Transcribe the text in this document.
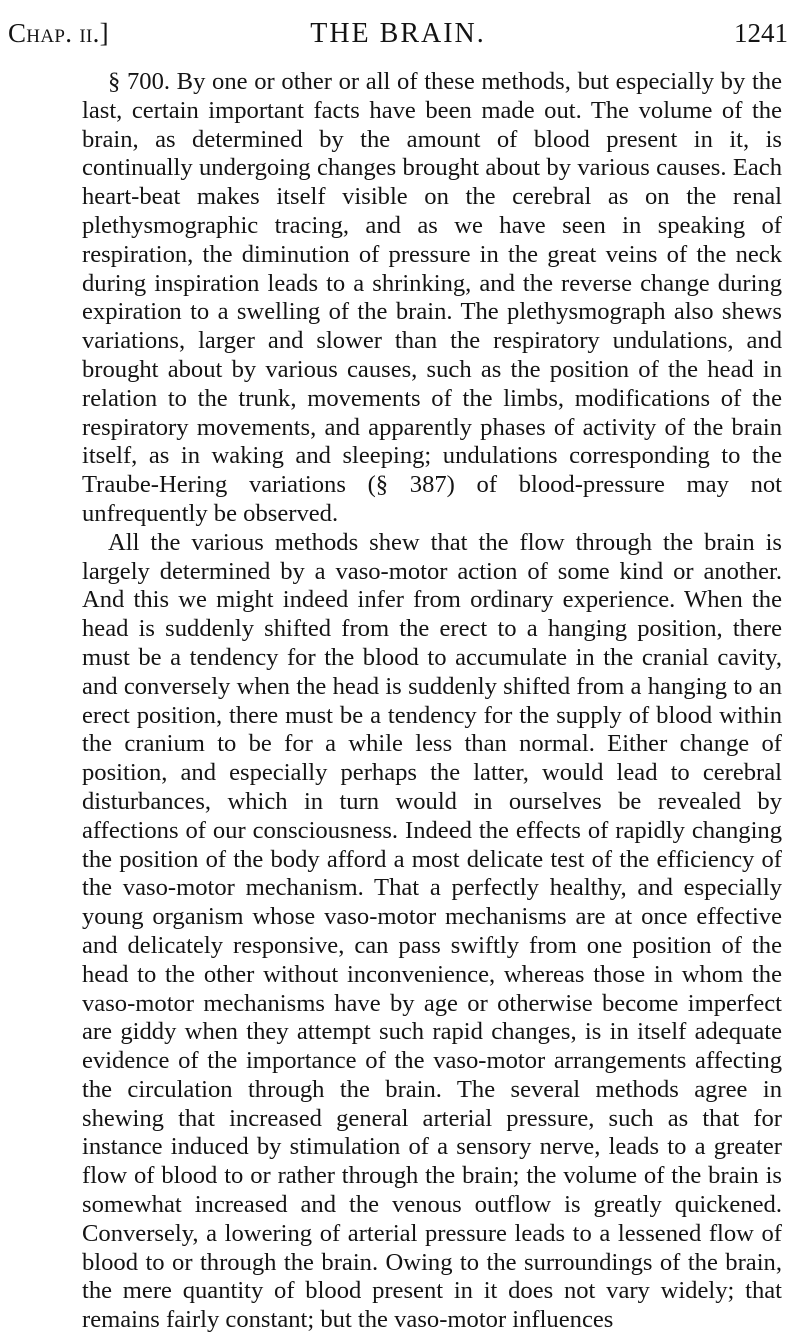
Chap. ii.]	THE BRAIN.	1241

§ 700. By one or other or all of these methods, but especially by the last, certain important facts have been made out. The volume of the brain, as determined by the amount of blood present in it, is continually undergoing changes brought about by various causes. Each heart-beat makes itself visible on the cerebral as on the renal plethysmographic tracing, and as we have seen in speaking of respiration, the diminution of pressure in the great veins of the neck during inspiration leads to a shrinking, and the reverse change during expiration to a swelling of the brain. The plethysmograph also shews variations, larger and slower than the respiratory undulations, and brought about by various causes, such as the position of the head in relation to the trunk, movements of the limbs, modifications of the respiratory movements, and apparently phases of activity of the brain itself, as in waking and sleeping; undulations corresponding to the Traube-Hering variations (§ 387) of blood-pressure may not unfrequently be observed.

All the various methods shew that the flow through the brain is largely determined by a vaso-motor action of some kind or another. And this we might indeed infer from ordinary experience. When the head is suddenly shifted from the erect to a hanging position, there must be a tendency for the blood to accumulate in the cranial cavity, and conversely when the head is suddenly shifted from a hanging to an erect position, there must be a tendency for the supply of blood within the cranium to be for a while less than normal. Either change of position, and especially perhaps the latter, would lead to cerebral disturbances, which in turn would in ourselves be revealed by affections of our consciousness. Indeed the effects of rapidly changing the position of the body afford a most delicate test of the efficiency of the vaso-motor mechanism. That a perfectly healthy, and especially young organism whose vaso-motor mechanisms are at once effective and delicately responsive, can pass swiftly from one position of the head to the other without inconvenience, whereas those in whom the vaso-motor mechanisms have by age or otherwise become imperfect are giddy when they attempt such rapid changes, is in itself adequate evidence of the importance of the vaso-motor arrangements affecting the circulation through the brain. The several methods agree in shewing that increased general arterial pressure, such as that for instance induced by stimulation of a sensory nerve, leads to a greater flow of blood to or rather through the brain; the volume of the brain is somewhat increased and the venous outflow is greatly quickened. Conversely, a lowering of arterial pressure leads to a lessened flow of blood to or through the brain. Owing to the surroundings of the brain, the mere quantity of blood present in it does not vary widely; that remains fairly constant; but the vaso-motor influences
